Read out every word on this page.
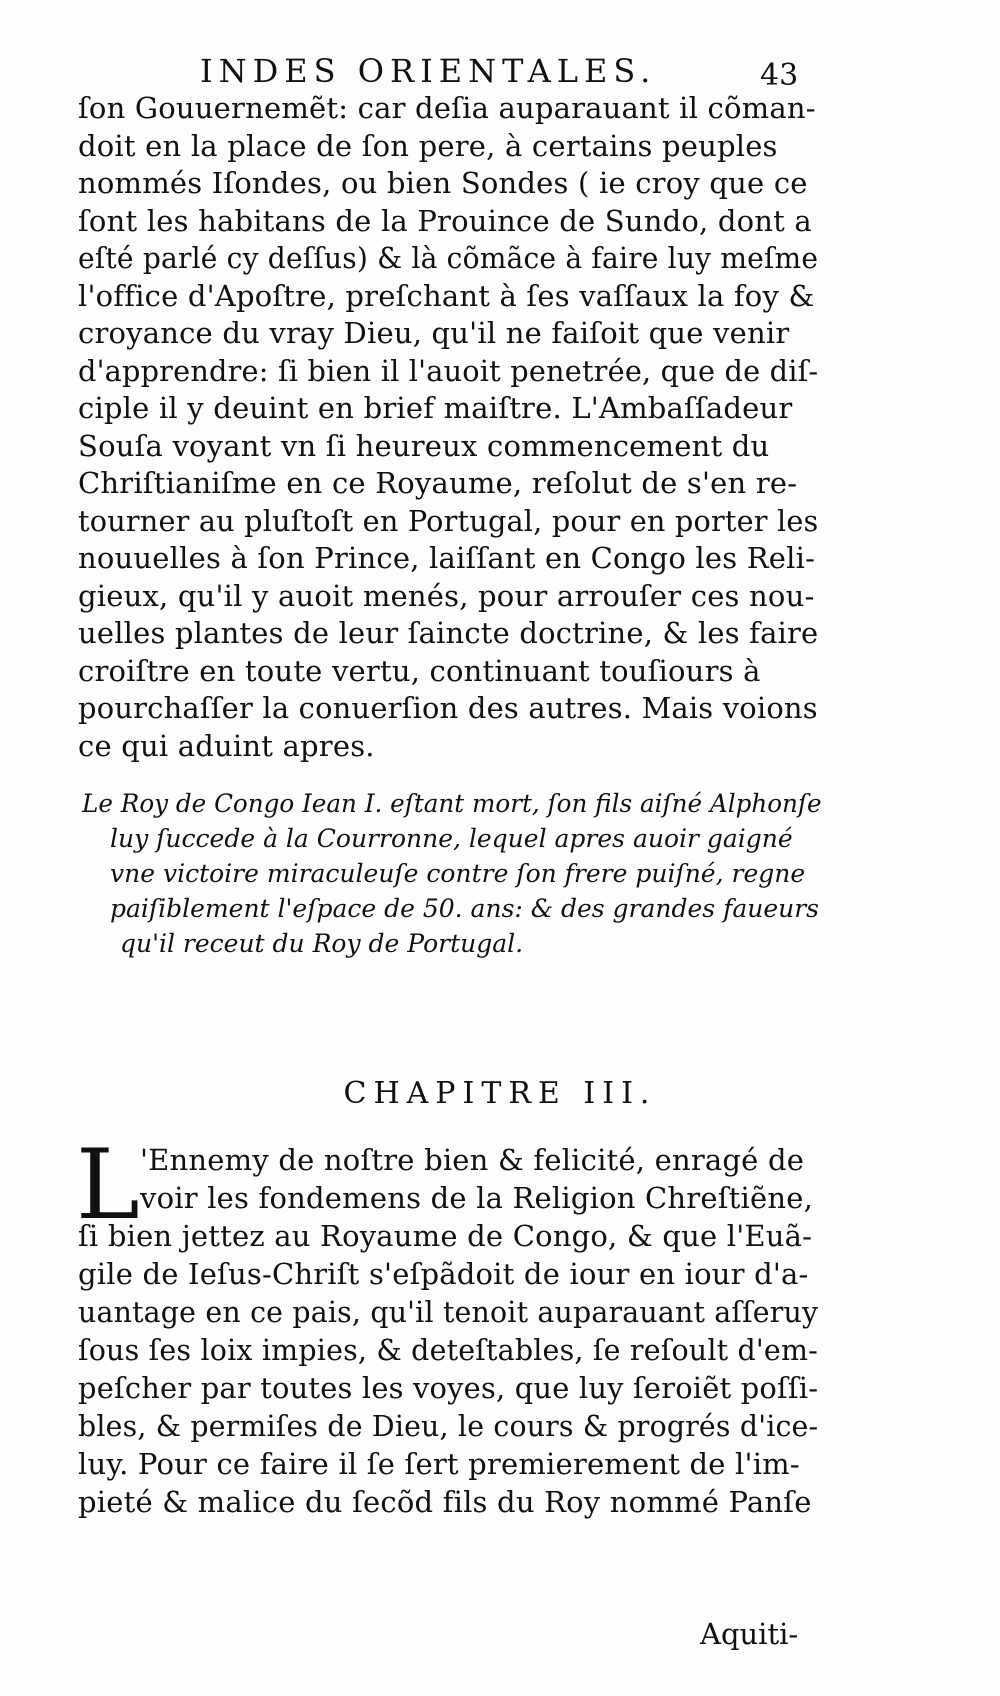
INDES ORIENTALES.	43
ſon Gouuernemẽt: car deſia auparauant il cõman-
doit en la place de ſon pere, à certains peuples
nommés Iſondes, ou bien Sondes ( ie croy que ce
ſont les habitans de la Prouince de Sundo, dont a
eſté parlé cy deſſus) & là cõmãce à faire luy meſme
l'office d'Apoſtre, preſchant à ſes vaſſaux la foy &
croyance du vray Dieu, qu'il ne faiſoit que venir
d'apprendre: ſi bien il l'auoit penetrée, que de diſ-
ciple il y deuint en brief maiſtre. L'Ambaſſadeur
Souſa voyant vn ſi heureux commencement du
Chriſtianiſme en ce Royaume, reſolut de s'en re-
tourner au pluſtoſt en Portugal, pour en porter les
nouuelles à ſon Prince, laiſſant en Congo les Reli-
gieux, qu'il y auoit menés, pour arrouſer ces nou-
uelles plantes de leur ſaincte doctrine, & les faire
croiſtre en toute vertu, continuant touſiours à
pourchaſſer la conuerſion des autres. Mais voions
ce qui aduint apres.
Le Roy de Congo Iean I. eſtant mort, ſon fils aiſné Alphonſe
luy ſuccede à la Courronne, lequel apres auoir gaigné
vne victoire miraculeuſe contre ſon frere puiſné, regne
paiſiblement l'eſpace de 50. ans: & des grandes faueurs
qu'il receut du Roy de Portugal.
CHAPITRE III.
L 'Ennemy de noſtre bien & felicité, enragé de
voir les fondemens de la Religion Chreſtiẽne,
ſi bien jettez au Royaume de Congo, & que l'Euã-
gile de Ieſus-Chriſt s'eſpãdoit de iour en iour d'a-
uantage en ce pais, qu'il tenoit auparauant aſſeruy
ſous ſes loix impies, & deteſtables, ſe reſoult d'em-
peſcher par toutes les voyes, que luy ſeroiẽt poſſi-
bles, & permiſes de Dieu, le cours & progrés d'ice-
luy. Pour ce faire il ſe ſert premierement de l'im-
pieté & malice du ſecõd fils du Roy nommé Panſe
Aquiti-
